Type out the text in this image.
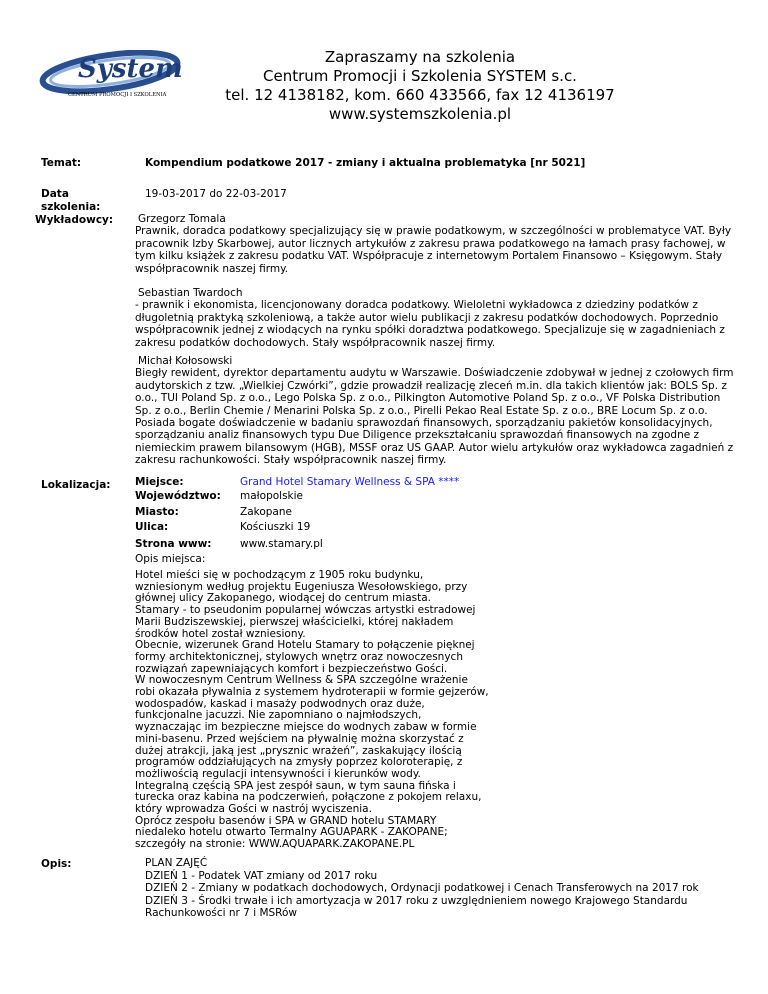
System
CENTRUM PROMOCJI I SZKOLENIA
Zapraszamy na szkolenia
Centrum Promocji i Szkolenia SYSTEM s.c.
tel. 12 4138182, kom. 660 433566, fax 12 4136197
www.systemszkolenia.pl
Temat:	Kompendium podatkowe 2017 - zmiany i aktualna problematyka [nr 5021]
Data
szkolenia:
19-03-2017 do 22-03-2017
Wykładowcy: Grzegorz Tomala

Prawnik, doradca podatkowy specjalizujący się w prawie podatkowym, w szczególności w problematyce VAT. Były pracownik Izby Skarbowej, autor licznych artykułów z zakresu prawa podatkowego na łamach prasy fachowej, w tym kilku książek z zakresu podatku VAT. Współpracuje z internetowym Portalem Finansowo – Księgowym. Stały współpracownik naszej firmy.

Sebastian Twardoch

- prawnik i ekonomista, licencjonowany doradca podatkowy. Wieloletni wykładowca z dziedziny podatków z długoletnią praktyką szkoleniową, a także autor wielu publikacji z zakresu podatków dochodowych. Poprzednio współpracownik jednej z wiodących na rynku spółki doradztwa podatkowego. Specjalizuje się w zagadnieniach z zakresu podatków dochodowych. Stały współpracownik naszej firmy.

Michał Kołosowski

Biegły rewident, dyrektor departamentu audytu w Warszawie. Doświadczenie zdobywał w jednej z czołowych firm audytorskich z tzw. „Wielkiej Czwórki”, gdzie prowadził realizację zleceń m.in. dla takich klientów jak: BOLS Sp. z o.o., TUI Poland Sp. z o.o., Lego Polska Sp. z o.o., Pilkington Automotive Poland Sp. z o.o., VF Polska Distribution Sp. z o.o., Berlin Chemie / Menarini Polska Sp. z o.o., Pirelli Pekao Real Estate Sp. z o.o., BRE Locum Sp. z o.o. Posiada bogate doświadczenie w badaniu sprawozdań finansowych, sporządzaniu pakietów konsolidacyjnych, sporządzaniu analiz finansowych typu Due Diligence przekształcaniu sprawozdań finansowych na zgodne z niemieckim prawem bilansowym (HGB), MSSF oraz US GAAP. Autor wielu artykułów oraz wykładowca zagadnień z zakresu rachunkowości. Stały współpracownik naszej firmy.

Lokalizacja: Miejsce:	Grand Hotel Stamary Wellness & SPA ****
Województwo: małopolskie
Miasto:	Zakopane
Ulica:	Kościuszki 19
Strona www:	www.stamary.pl
Opis miejsca:

Hotel mieści się w pochodzącym z 1905 roku budynku, wzniesionym według projektu Eugeniusza Wesołowskiego, przy głównej ulicy Zakopanego, wiodącej do centrum miasta.

Stamary - to pseudonim popularnej wówczas artystki estradowej Marii Budziszewskiej, pierwszej właścicielki, której nakładem środków hotel został wzniesiony.

Obecnie, wizerunek Grand Hotelu Stamary to połączenie pięknej formy architektonicznej, stylowych wnętrz oraz nowoczesnych rozwiązań zapewniających komfort i bezpieczeństwo Gości.

W nowoczesnym Centrum Wellness & SPA szczególne wrażenie robi okazała pływalnia z systemem hydroterapii w formie gejzerów, wodospadów, kaskad i masaży podwodnych oraz duże, funkcjonalne jacuzzi. Nie zapomniano o najmłodszych, wyznaczając im bezpieczne miejsce do wodnych zabaw w formie mini-basenu. Przed wejściem na pływalnię można skorzystać z dużej atrakcji, jaką jest „prysznic wrażeń”, zaskakujący ilością programów oddziałujących na zmysły poprzez koloroterapię, z możliwością regulacji intensywności i kierunków wody.

Integralną częścią SPA jest zespół saun, w tym sauna fińska i turecka oraz kabina na podczerwień, połączone z pokojem relaxu, który wprowadza Gości w nastrój wyciszenia.

Oprócz zespołu basenów i SPA w GRAND hotelu STAMARY niedaleko hotelu otwarto Termalny AGUAPARK - ZAKOPANE; szczegóły na stronie: WWW.AQUAPARK.ZAKOPANE.PL

Opis:	PLAN ZAJĘĆ
DZIEŃ 1 - Podatek VAT zmiany od 2017 roku
DZIEŃ 2 - Zmiany w podatkach dochodowych, Ordynacji podatkowej i Cenach Transferowych na 2017 rok
DZIEŃ 3 - Środki trwałe i ich amortyzacja w 2017 roku z uwzględnieniem nowego Krajowego Standardu Rachunkowości nr 7 i MSRów
